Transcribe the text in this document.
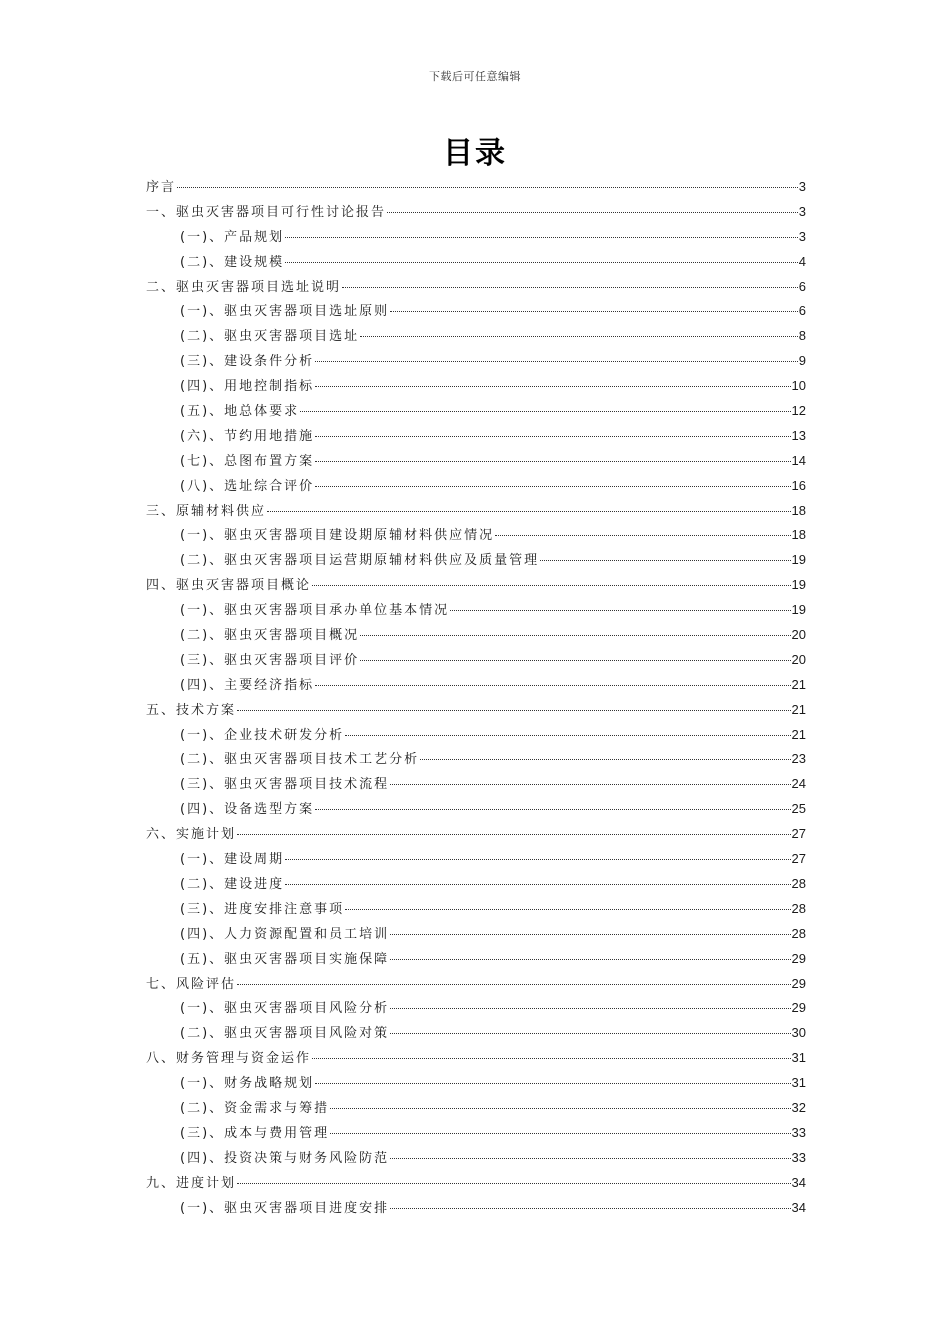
下载后可任意编辑
目录
序言	3
一、驱虫灭害器项目可行性讨论报告	3
(一)、产品规划	3
(二)、建设规模	4
二、驱虫灭害器项目选址说明	6
(一)、驱虫灭害器项目选址原则	6
(二)、驱虫灭害器项目选址	8
(三)、建设条件分析	9
(四)、用地控制指标	10
(五)、地总体要求	12
(六)、节约用地措施	13
(七)、总图布置方案	14
(八)、选址综合评价	16
三、原辅材料供应	18
(一)、驱虫灭害器项目建设期原辅材料供应情况	18
(二)、驱虫灭害器项目运营期原辅材料供应及质量管理	19
四、驱虫灭害器项目概论	19
(一)、驱虫灭害器项目承办单位基本情况	19
(二)、驱虫灭害器项目概况	20
(三)、驱虫灭害器项目评价	20
(四)、主要经济指标	21
五、技术方案	21
(一)、企业技术研发分析	21
(二)、驱虫灭害器项目技术工艺分析	23
(三)、驱虫灭害器项目技术流程	24
(四)、设备选型方案	25
六、实施计划	27
(一)、建设周期	27
(二)、建设进度	28
(三)、进度安排注意事项	28
(四)、人力资源配置和员工培训	28
(五)、驱虫灭害器项目实施保障	29
七、风险评估	29
(一)、驱虫灭害器项目风险分析	29
(二)、驱虫灭害器项目风险对策	30
八、财务管理与资金运作	31
(一)、财务战略规划	31
(二)、资金需求与筹措	32
(三)、成本与费用管理	33
(四)、投资决策与财务风险防范	33
九、进度计划	34
(一)、驱虫灭害器项目进度安排	34
